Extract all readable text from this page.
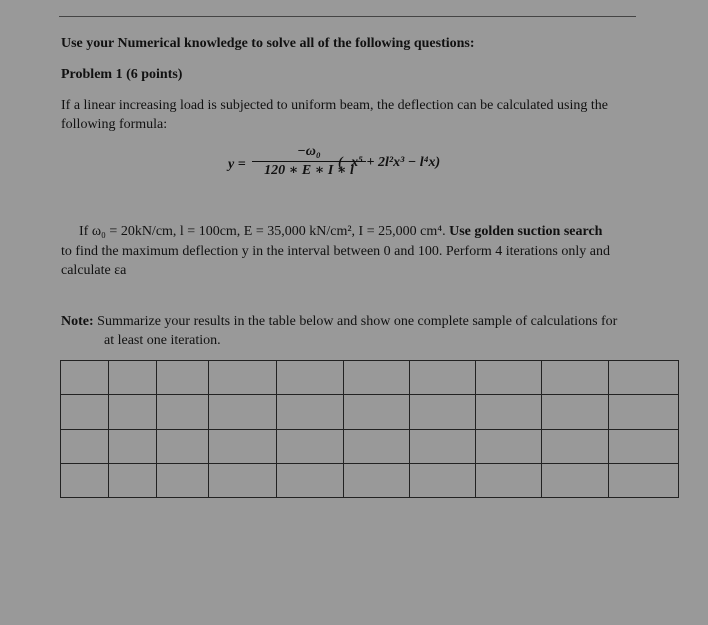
Use your Numerical knowledge to solve all of the following questions:
Problem 1 (6 points)
If a linear increasing load is subjected to uniform beam, the deflection can be calculated using the
following formula:
y =
−ω₀
120 ∗ E ∗ I ∗ l
(−x⁵ + 2l²x³ − l⁴x)
If ω₀ = 20kN/cm, l = 100cm, E = 35,000 kN/cm², I = 25,000 cm⁴. Use golden suction search
to find the maximum deflection y in the interval between 0 and 100. Perform 4 iterations only and
calculate εa
Note: Summarize your results in the table below and show one complete sample of calculations for
at least one iteration.
